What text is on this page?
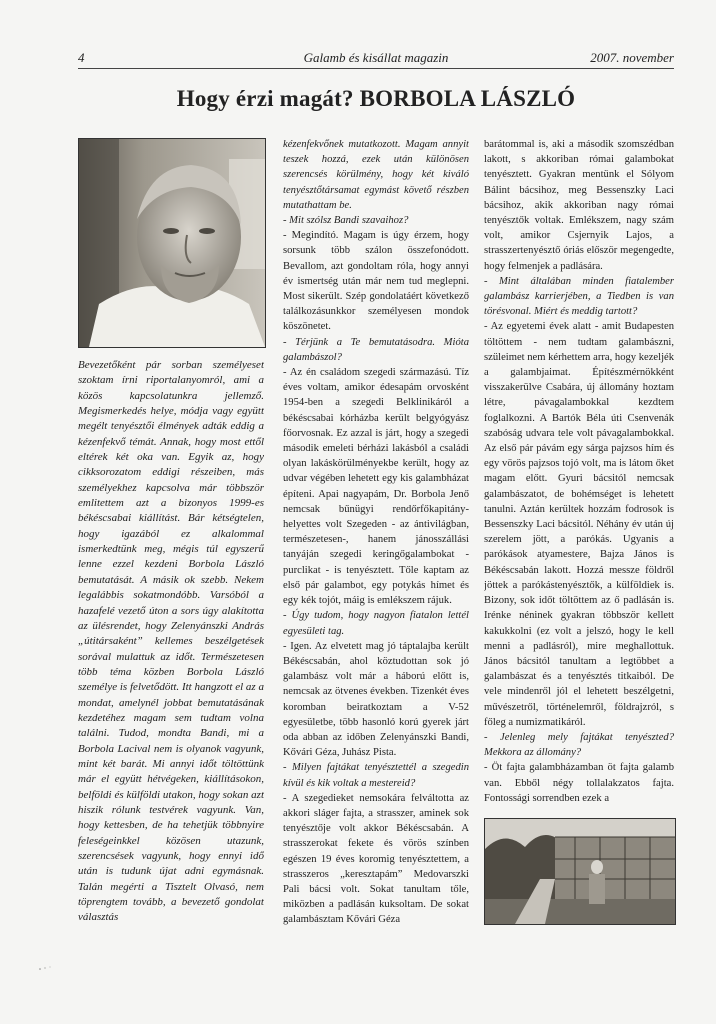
4	Galamb és kisállat magazin	2007. november
Hogy érzi magát? BORBOLA LÁSZLÓ

Bevezetőként pár sorban személyeset szoktam írni riportalanyomról, ami a közös kapcsolatunkra jellemző. Megismerkedés helye, módja vagy együtt megélt tenyésztői élmények adták eddig a kézenfekvő témát. Annak, hogy most ettől eltérek két oka van. Egyik az, hogy cikksorozatom eddigi részeiben, más személyekhez kapcsolva már többször emlitettem azt a bizonyos 1999-es békéscsabai kiállítást. Bár kétségtelen, hogy igazából ez alkalommal ismerkedtünk meg, mégis túl egyszerű lenne ezzel kezdeni Borbola László bemutatását. A másik ok szebb. Nekem legalábbis sokatmondóbb. Varsóból a hazafelé vezető úton a sors úgy alakította az ülésrendet, hogy Zelenyánszki András „útitársaként” kellemes beszélgetések sorával mulattuk az időt. Természetesen több téma közben Borbola László személye is felvetődött. Itt hangzott el az a mondat, amelynél jobbat bemutatásának kezdetéhez magam sem tudtam volna találni. Tudod, mondta Bandi, mi a Borbola Lacival nem is olyanok vagyunk, mint két barát. Mi annyi időt töltöttünk már el együtt hétvégeken, kiállításokon, belföldi és külföldi utakon, hogy sokan azt hiszik rólunk testvérek vagyunk. Van, hogy kettesben, de ha tehetjük többnyire feleségeinkkel közösen utazunk, szerencsések vagyunk, hogy ennyi idő után is tudunk újat adni egymásnak. Talán megérti a Tisztelt Olvasó, nem töprengtem tovább, a bevezető gondolat választás

kézenfekvőnek mutatkozott. Magam annyit teszek hozzá, ezek után különösen szerencsés körülmény, hogy két kiváló tenyésztőtársamat egymást követő részben mutathattam be.

- Mit szólsz Bandi szavaihoz?

- Megindító. Magam is úgy érzem, hogy sorsunk több szálon összefonódott. Bevallom, azt gondoltam róla, hogy annyi év ismertség után már nem tud meglepni. Most sikerült. Szép gondolatáért következő találkozásunkkor személyesen mondok köszönetet.

- Térjünk a Te bemutatásodra. Mióta galambászol?

- Az én családom szegedi származású. Tíz éves voltam, amikor édesapám orvosként 1954-ben a szegedi Belklinikáról a békéscsabai kórházba került belgyógyász főorvosnak. Ez azzal is járt, hogy a szegedi második emeleti bérházi lakásból a családi olyan lakáskörülményekbe került, hogy az udvar végében lehetett egy kis galambházat építeni. Apai nagyapám, Dr. Borbola Jenő nemcsak bűnügyi rendőrfőkapitány-helyettes volt Szegeden - az ántivilágban, természetesen-, hanem jánosszállási tanyáján szegedi keringőgalambokat - purclikat - is tenyésztett. Tőle kaptam az első pár galambot, egy potykás hímet és egy kék tojót, máig is emlékszem rájuk.

- Úgy tudom, hogy nagyon fiatalon lettél egyesületi tag.

- Igen. Az elvetett mag jó táptalajba került Békéscsabán, ahol köztudottan sok jó galambász volt már a háború előtt is, nemcsak az ötvenes években. Tizenkét éves koromban beiratkoztam a V-52 egyesületbe, több hasonló korú gyerek járt oda abban az időben Zelenyánszki Bandi, Kővári Géza, Juhász Pista.

- Milyen fajtákat tenyésztettél a szegedin kívül és kik voltak a mestereid?

- A szegedieket nemsokára felváltotta az akkori sláger fajta, a strasszer, aminek sok tenyésztője volt akkor Békéscsabán. A strasszerokat fekete és vörös színben egészen 19 éves koromig tenyésztettem, a strasszeros „keresztapám” Medovarszki Pali bácsi volt. Sokat tanultam tőle, miközben a padlásán kuksoltam. De sokat galambásztam Kővári Géza

barátommal is, aki a második szomszédban lakott, s akkoriban római galambokat tenyésztett. Gyakran mentünk el Sólyom Bálint bácsihoz, meg Bessenszky Laci bácsihoz, akik akkoriban nagy római tenyésztők voltak. Emlékszem, nagy szám volt, amikor Csjernyik Lajos, a strasszertenyésztő óriás először megengedte, hogy felmenjek a padlására.

- Mint általában minden fiatalember galambász karrierjében, a Tiedben is van törésvonal. Miért és meddig tartott?

- Az egyetemi évek alatt - amit Budapesten töltöttem - nem tudtam galambászni, szüleimet nem kérhettem arra, hogy kezeljék a galambjaimat. Építészmérnökként visszakerülve Csabára, új állomány hoztam létre, pávagalambokkal kezdtem foglalkozni. A Bartók Béla úti Csenvenák szabóság udvara tele volt pávagalambokkal. Az első pár pávám egy sárga pajzsos hím és egy vörös pajzsos tojó volt, ma is látom őket magam előtt. Gyuri bácsitól nemcsak galambászatot, de bohémséget is lehetett tanulni. Aztán kerültek hozzám fodrosok is Bessenszky Laci bácsitól. Néhány év után új szerelem jött, a parókás. Ugyanis a parókások atyamestere, Bajza János is Békéscsabán lakott. Hozzá messze földről jöttek a parókástenyésztők, a külföldiek is. Bizony, sok időt töltöttem az ő padlásán is. Irénke néninek gyakran többször kellett kakukkolni (ez volt a jelszó, hogy le kell menni a padlásról), mire meghallottuk. János bácsitól tanultam a legtöbbet a galambászat és a tenyésztés titkaiból. De vele mindenről jól el lehetett beszélgetni, művészetről, történelemről, földrajzról, s főleg a numizmatikáról.

- Jelenleg mely fajtákat tenyészted? Mekkora az állomány?

- Öt fajta galambházamban öt fajta galamb van. Ebből négy tollalakzatos fajta. Fontossági sorrendben ezek a
